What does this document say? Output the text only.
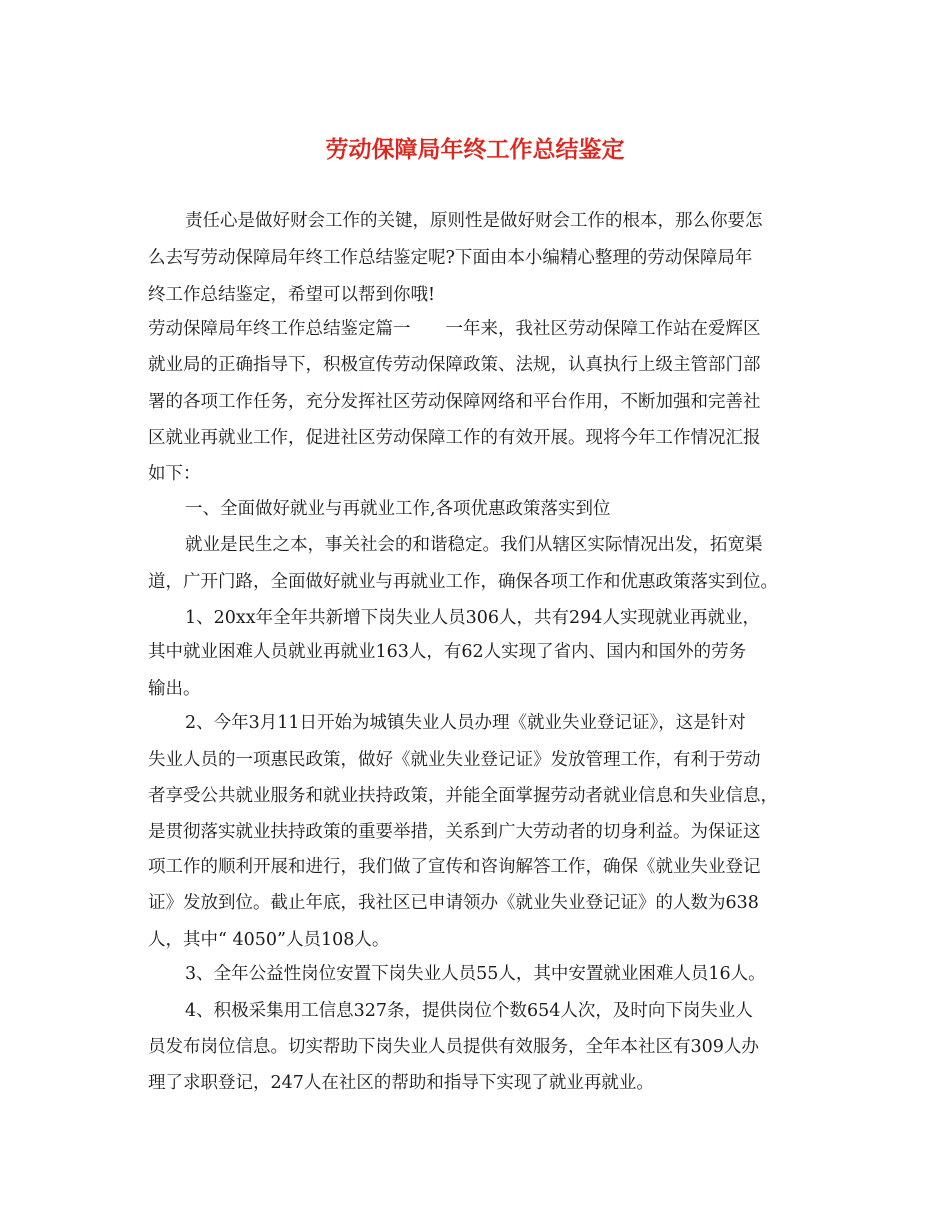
劳动保障局年终工作总结鉴定
责任心是做好财会工作的关键，原则性是做好财会工作的根本，那么你要怎
么去写劳动保障局年终工作总结鉴定呢?下面由本小编精心整理的劳动保障局年
终工作总结鉴定，希望可以帮到你哦!
劳动保障局年终工作总结鉴定篇一　　一年来，我社区劳动保障工作站在爱辉区
就业局的正确指导下，积极宣传劳动保障政策、法规，认真执行上级主管部门部
署的各项工作任务，充分发挥社区劳动保障网络和平台作用，不断加强和完善社
区就业再就业工作，促进社区劳动保障工作的有效开展。现将今年工作情况汇报
如下：
一、全面做好就业与再就业工作,各项优惠政策落实到位
就业是民生之本，事关社会的和谐稳定。我们从辖区实际情况出发，拓宽渠
道，广开门路，全面做好就业与再就业工作，确保各项工作和优惠政策落实到位。
1、20xx年全年共新增下岗失业人员306人，共有294人实现就业再就业，
其中就业困难人员就业再就业163人，有62人实现了省内、国内和国外的劳务
输出。
2、今年3月11日开始为城镇失业人员办理《就业失业登记证》，这是针对
失业人员的一项惠民政策，做好《就业失业登记证》发放管理工作，有利于劳动
者享受公共就业服务和就业扶持政策，并能全面掌握劳动者就业信息和失业信息，
是贯彻落实就业扶持政策的重要举措，关系到广大劳动者的切身利益。为保证这
项工作的顺利开展和进行，我们做了宣传和咨询解答工作，确保《就业失业登记
证》发放到位。截止年底，我社区已申请领办《就业失业登记证》的人数为638
人，其中“ 4050”人员108人。
3、全年公益性岗位安置下岗失业人员55人，其中安置就业困难人员16人。
4、积极采集用工信息327条，提供岗位个数654人次，及时向下岗失业人
员发布岗位信息。切实帮助下岗失业人员提供有效服务，全年本社区有309人办
理了求职登记，247人在社区的帮助和指导下实现了就业再就业。
